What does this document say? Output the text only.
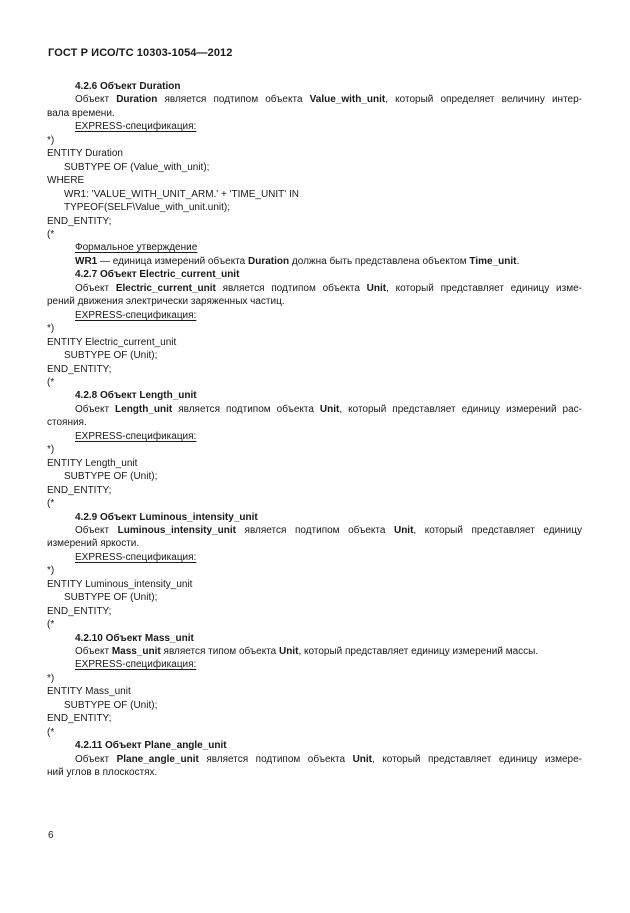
ГОСТ Р ИСО/ТС 10303-1054—2012
4.2.6 Объект Duration
Объект Duration является подтипом объекта Value_with_unit, который определяет величину интер-
вала времени.
EXPRESS-спецификация:
*)
ENTITY Duration
SUBTYPE OF (Value_with_unit);
WHERE
WR1: 'VALUE_WITH_UNIT_ARM.' + 'TIME_UNIT' IN
TYPEOF(SELF\Value_with_unit.unit);
END_ENTITY;
(*
Формальное утверждение
WR1 — единица измерений объекта Duration должна быть представлена объектом Time_unit.
4.2.7 Объект Electric_current_unit
Объект Electric_current_unit является подтипом объекта Unit, который представляет единицу изме-
рений движения электрически заряженных частиц.
EXPRESS-спецификация:
*)
ENTITY Electric_current_unit
SUBTYPE OF (Unit);
END_ENTITY;
(*
4.2.8 Объект Length_unit
Объект Length_unit является подтипом объекта Unit, который представляет единицу измерений рас-
стояния.
EXPRESS-спецификация:
*)
ENTITY Length_unit
SUBTYPE OF (Unit);
END_ENTITY;
(*
4.2.9 Объект Luminous_intensity_unit
Объект Luminous_intensity_unit является подтипом объекта Unit, который представляет единицу
измерений яркости.
EXPRESS-спецификация:
*)
ENTITY Luminous_intensity_unit
SUBTYPE OF (Unit);
END_ENTITY;
(*
4.2.10 Объект Mass_unit
Объект Mass_unit является типом объекта Unit, который представляет единицу измерений массы.
EXPRESS-спецификация:
*)
ENTITY Mass_unit
SUBTYPE OF (Unit);
END_ENTITY;
(*
4.2.11 Объект Plane_angle_unit
Объект Plane_angle_unit является подтипом объекта Unit, который представляет единицу измере-
ний углов в плоскостях.
6
